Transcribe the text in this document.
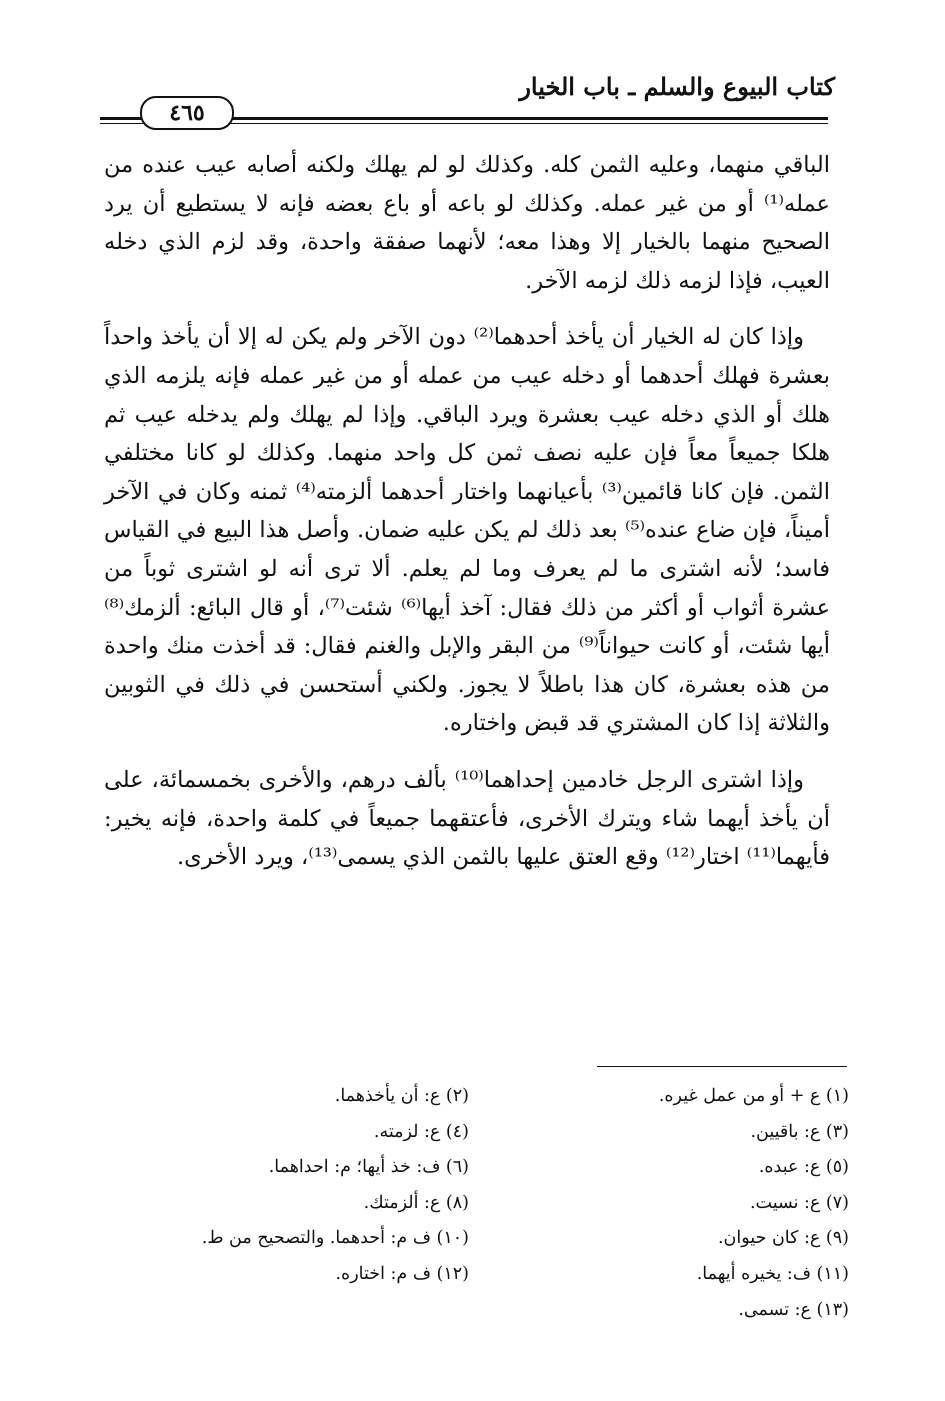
كتاب البيوع والسلم ـ باب الخيار
٤٦٥

الباقي منهما، وعليه الثمن كله. وكذلك لو لم يهلك ولكنه أصابه عيب عنده من عمله⁽¹⁾ أو من غير عمله. وكذلك لو باعه أو باع بعضه فإنه لا يستطيع أن يرد الصحيح منهما بالخيار إلا وهذا معه؛ لأنهما صفقة واحدة، وقد لزم الذي دخله العيب، فإذا لزمه ذلك لزمه الآخر.

وإذا كان له الخيار أن يأخذ أحدهما⁽²⁾ دون الآخر ولم يكن له إلا أن يأخذ واحداً بعشرة فهلك أحدهما أو دخله عيب من عمله أو من غير عمله فإنه يلزمه الذي هلك أو الذي دخله عيب بعشرة ويرد الباقي. وإذا لم يهلك ولم يدخله عيب ثم هلكا جميعاً معاً فإن عليه نصف ثمن كل واحد منهما. وكذلك لو كانا مختلفي الثمن. فإن كانا قائمين⁽³⁾ بأعيانهما واختار أحدهما ألزمته⁽⁴⁾ ثمنه وكان في الآخر أميناً، فإن ضاع عنده⁽⁵⁾ بعد ذلك لم يكن عليه ضمان. وأصل هذا البيع في القياس فاسد؛ لأنه اشترى ما لم يعرف وما لم يعلم. ألا ترى أنه لو اشترى ثوباً من عشرة أثواب أو أكثر من ذلك فقال: آخذ أيها⁽⁶⁾ شئت⁽⁷⁾، أو قال البائع: ألزمك⁽⁸⁾ أيها شئت، أو كانت حيواناً⁽⁹⁾ من البقر والإبل والغنم فقال: قد أخذت منك واحدة من هذه بعشرة، كان هذا باطلاً لا يجوز. ولكني أستحسن في ذلك في الثوبين والثلاثة إذا كان المشتري قد قبض واختاره.

وإذا اشترى الرجل خادمين إحداهما⁽¹⁰⁾ بألف درهم، والأخرى بخمسمائة، على أن يأخذ أيهما شاء ويترك الأخرى، فأعتقهما جميعاً في كلمة واحدة، فإنه يخير: فأيهما⁽¹¹⁾ اختار⁽¹²⁾ وقع العتق عليها بالثمن الذي يسمى⁽¹³⁾، ويرد الأخرى.

(١) ع + أو من عمل غيره.
(٣) ع: باقيين.
(٥) ع: عبده.
(٧) ع: نسيت.
(٩) ع: كان حيوان.
(١١) ف: يخيره أيهما.
(١٣) ع: تسمى.
(٢) ع: أن يأخذهما.
(٤) ع: لزمته.
(٦) ف: خذ أيها؛ م: احداهما.
(٨) ع: ألزمتك.
(١٠) ف م: أحدهما. والتصحيح من ط.
(١٢) ف م: اختاره.
